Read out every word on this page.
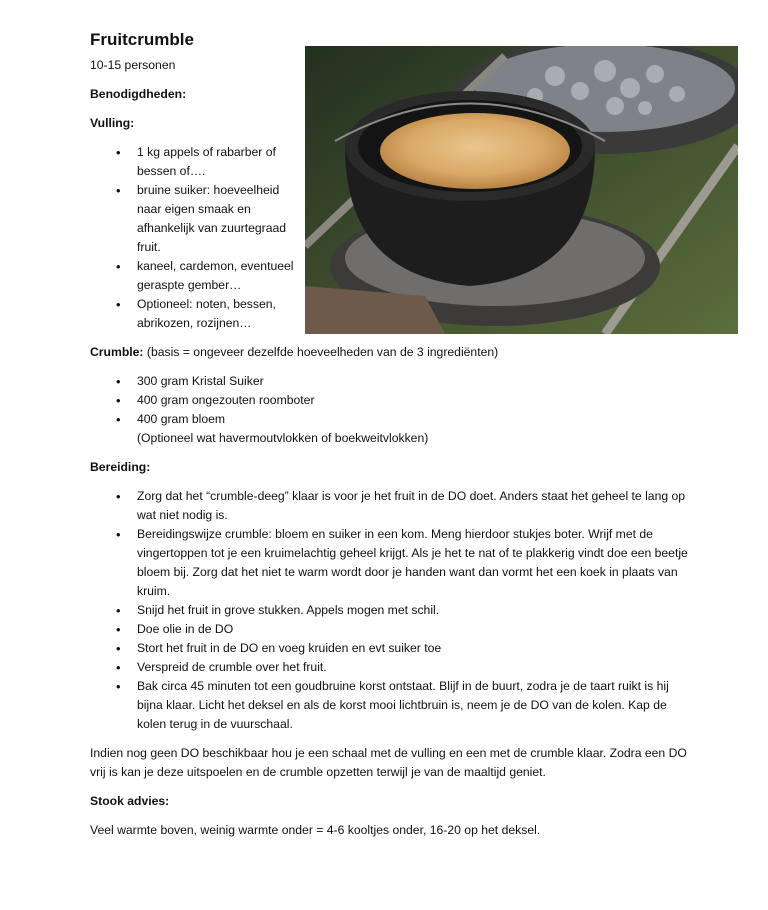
Fruitcrumble

10-15 personen

Benodigdheden:

Vulling:

• 1 kg appels of rabarber of bessen of….
• bruine suiker: hoeveelheid naar eigen smaak en afhankelijk van zuurtegraad fruit.
• kaneel, cardemon, eventueel geraspte gember…
• Optioneel: noten, bessen, abrikozen, rozijnen…

Crumble: (basis = ongeveer dezelfde hoeveelheden van de 3 ingrediënten)

• 300 gram Kristal Suiker
• 400 gram ongezouten roomboter
• 400 gram bloem
(Optioneel wat havermoutvlokken of boekweitvlokken)

Bereiding:

• Zorg dat het “crumble-deeg” klaar is voor je het fruit in de DO doet. Anders staat het geheel te lang op wat niet nodig is.
• Bereidingswijze crumble: bloem en suiker in een kom. Meng hierdoor stukjes boter. Wrijf met de vingertoppen tot je een kruimelachtig geheel krijgt. Als je het te nat of te plakkerig vindt doe een beetje bloem bij. Zorg dat het niet te warm wordt door je handen want dan vormt het een koek in plaats van kruim.
• Snijd het fruit in grove stukken. Appels mogen met schil.
• Doe olie in de DO
• Stort het fruit in de DO en voeg kruiden en evt suiker toe
• Verspreid de crumble over het fruit.
• Bak circa 45 minuten tot een goudbruine korst ontstaat. Blijf in de buurt, zodra je de taart ruikt is hij bijna klaar. Licht het deksel en als de korst mooi lichtbruin is, neem je de DO van de kolen. Kap de kolen terug in de vuurschaal.

Indien nog geen DO beschikbaar hou je een schaal met de vulling en een met de crumble klaar. Zodra een DO vrij is kan je deze uitspoelen en de crumble opzetten terwijl je van de maaltijd geniet.

Stook advies:

Veel warmte boven, weinig warmte onder = 4-6 kooltjes onder, 16-20 op het deksel.
